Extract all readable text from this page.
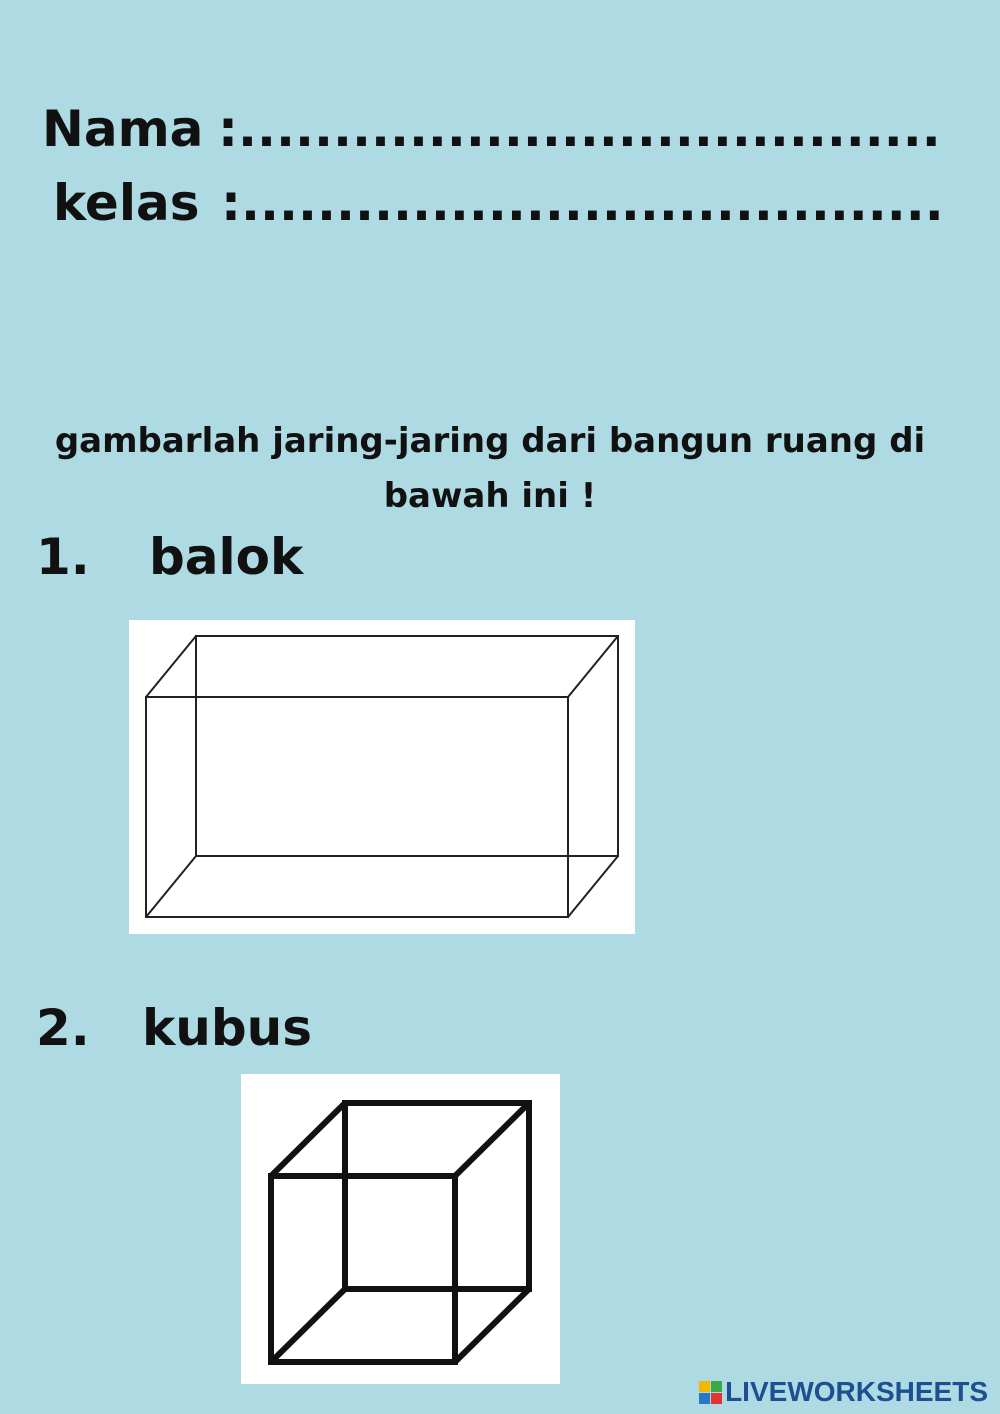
Nama :.....................................
kelas :.....................................
gambarlah jaring-jaring dari bangun ruang di bawah ini !
1. balok
2. kubus
LIVEWORKSHEETS
